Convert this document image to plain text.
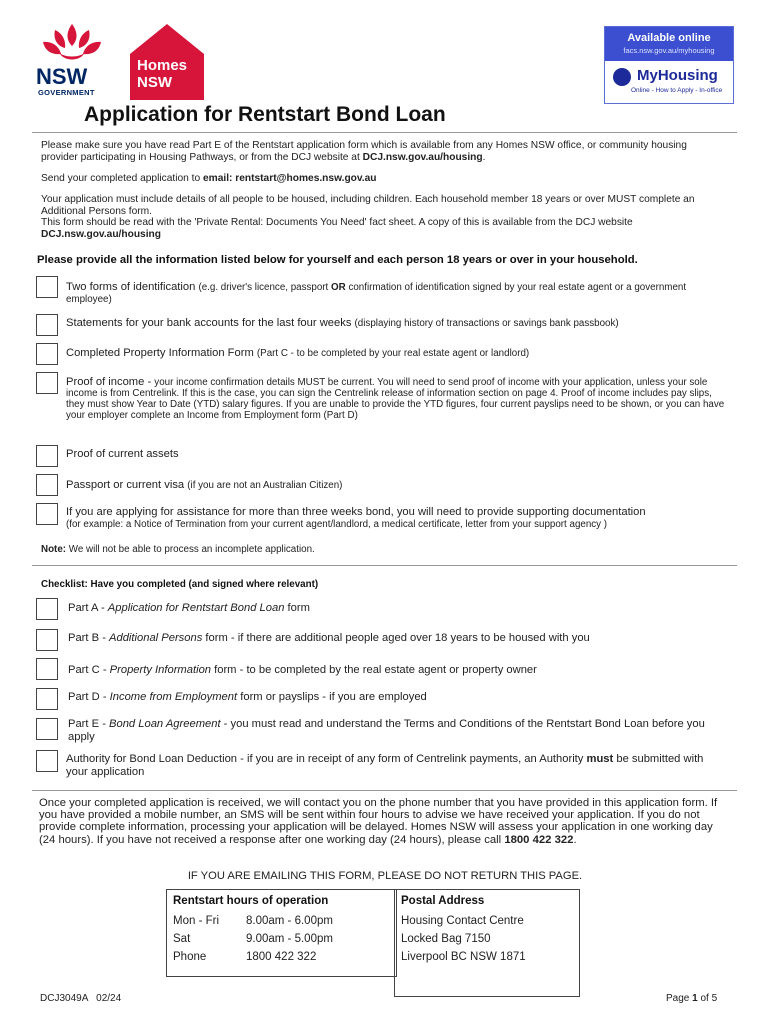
NSW
GOVERNMENT
Homes
NSW
Available online
facs.nsw.gov.au/myhousing
MyHousing
Online - How to Apply - In-office
Application for Rentstart Bond Loan
Please make sure you have read Part E of the Rentstart application form which is available from any Homes NSW office, or community housing provider participating in Housing Pathways, or from the DCJ website at DCJ.nsw.gov.au/housing.
Send your completed application to email: rentstart@homes.nsw.gov.au
Your application must include details of all people to be housed, including children. Each household member 18 years or over MUST complete an Additional Persons form.
This form should be read with the 'Private Rental: Documents You Need' fact sheet. A copy of this is available from the DCJ website
DCJ.nsw.gov.au/housing
Please provide all the information listed below for yourself and each person 18 years or over in your household.
Two forms of identification (e.g. driver's licence, passport OR confirmation of identification signed by your real estate agent or a government employee)
Statements for your bank accounts for the last four weeks (displaying history of transactions or savings bank passbook)
Completed Property Information Form (Part C - to be completed by your real estate agent or landlord)
Proof of income - your income confirmation details MUST be current. You will need to send proof of income with your application, unless your sole income is from Centrelink. If this is the case, you can sign the Centrelink release of information section on page 4. Proof of income includes pay slips, they must show Year to Date (YTD) salary figures. If you are unable to provide the YTD figures, four current payslips need to be shown, or you can have your employer complete an Income from Employment form (Part D)
Proof of current assets
Passport or current visa (if you are not an Australian Citizen)
If you are applying for assistance for more than three weeks bond, you will need to provide supporting documentation
(for example: a Notice of Termination from your current agent/landlord, a medical certificate, letter from your support agency )
Note: We will not be able to process an incomplete application.
Checklist: Have you completed (and signed where relevant)
Part A - Application for Rentstart Bond Loan form
Part B - Additional Persons form - if there are additional people aged over 18 years to be housed with you
Part C - Property Information form - to be completed by the real estate agent or property owner
Part D - Income from Employment form or payslips - if you are employed
Part E - Bond Loan Agreement - you must read and understand the Terms and Conditions of the Rentstart Bond Loan before you apply
Authority for Bond Loan Deduction - if you are in receipt of any form of Centrelink payments, an Authority must be submitted with your application
Once your completed application is received, we will contact you on the phone number that you have provided in this application form. If you have provided a mobile number, an SMS will be sent within four hours to advise we have received your application. If you do not provide complete information, processing your application will be delayed. Homes NSW will assess your application in one working day (24 hours). If you have not received a response after one working day (24 hours), please call 1800 422 322.
IF YOU ARE EMAILING THIS FORM, PLEASE DO NOT RETURN THIS PAGE.
Rentstart hours of operation
Mon - Fri 8.00am - 6.00pm
Sat	9.00am - 5.00pm
Phone	1800 422 322
Postal Address
Housing Contact Centre
Locked Bag 7150
Liverpool BC NSW 1871
DCJ3049A   02/24	Page 1 of 5
